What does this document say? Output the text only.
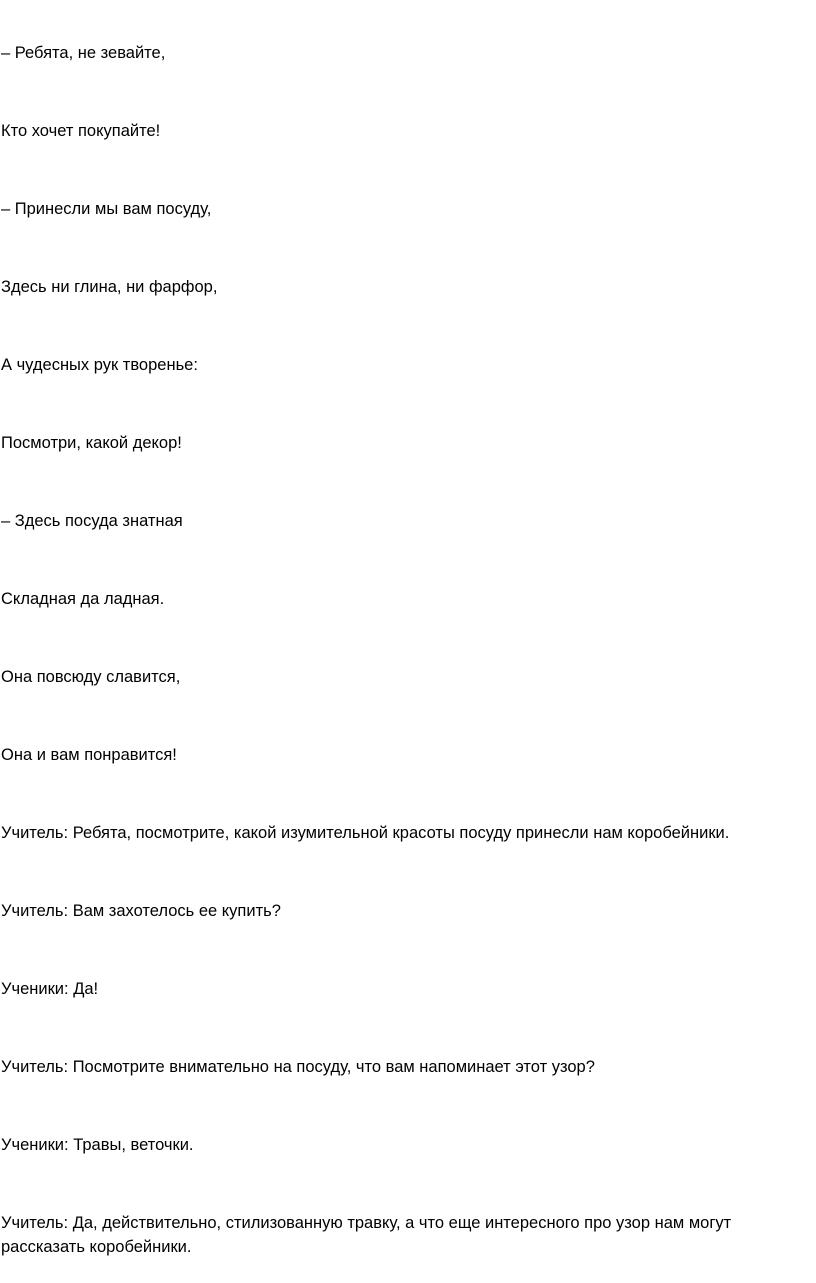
– Ребята, не зевайте,
Кто хочет покупайте!
– Принесли мы вам посуду,
Здесь ни глина, ни фарфор,
А чудесных рук творенье:
Посмотри, какой декор!
– Здесь посуда знатная
Складная да ладная.
Она повсюду славится,
Она и вам понравится!
Учитель: Ребята, посмотрите, какой изумительной красоты посуду принесли нам коробейники.
Учитель: Вам захотелось ее купить?
Ученики: Да!
Учитель: Посмотрите внимательно на посуду, что вам напоминает этот узор?
Ученики: Травы, веточки.
Учитель: Да, действительно, стилизованную травку, а что еще интересного про узор нам могут рассказать коробейники.
